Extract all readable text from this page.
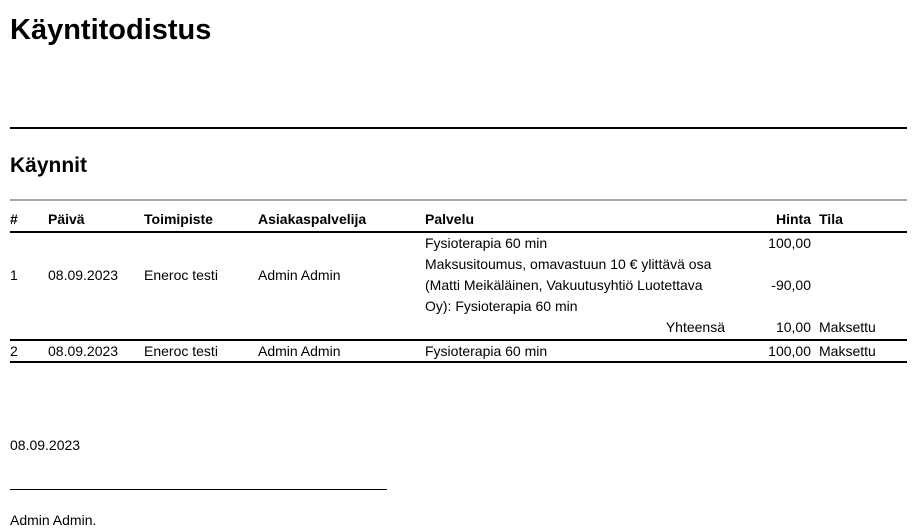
Käyntitodistus
Käynnit
#	Päivä	Toimipiste	Asiakaspalvelija	Palvelu	Hinta	Tila
1	08.09.2023	Eneroc testi	Admin Admin	Fysioterapia 60 min	100,00	

				Maksusitoumus, omavastuun 10 € ylittävä osa (Matti Meikäläinen, Vakuutusyhtiö Luotettava Oy): Fysioterapia 60 min	-90,00	
				Yhteensä	10,00	Maksettu
2	08.09.2023	Eneroc testi	Admin Admin	Fysioterapia 60 min	100,00	Maksettu
08.09.2023
Admin Admin.
